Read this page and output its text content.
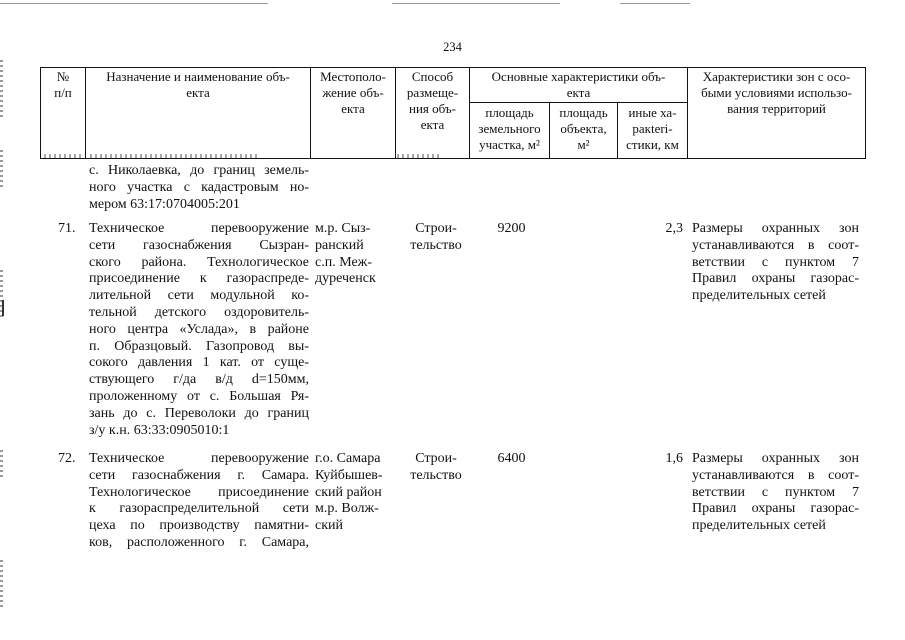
234
№
п/п
Назначение и наименование объ-
екта
Местополо-
жение объ-
екта
Способ
размеще-
ния объ-
екта
Основные характеристики объ-
екта
площадь
земельного
участка, м²
площадь
объекта,
м²
иные ха-
ракteri-
стики, км
Характеристики зон с осо-
быми условиями использо-
вания территорий
с. Николаевка, до границ земель-
ного участка с кадастровым но-
мером 63:17:0704005:201
71. Техническое перевооружение
сети газоснабжения Сызран-
ского района. Технологическое
присоединение к газораспреде-
лительной сети модульной ко-
тельной детского оздоровитель-
ного центра «Услада», в районе
п. Образцовый. Газопровод вы-
сокого давления 1 кат. от суще-
ствующего г/да в/д d=150мм,
проложенному от с. Большая Ря-
зань до с. Переволоки до границ
з/у к.н. 63:33:0905010:1
м.р. Сыз-
ранский
с.п. Меж-
дуреченск
Строи-
тельство
9200	2,3 Размеры охранных зон
устанавливаются в соот-
ветствии с пунктом 7
Правил охраны газорас-
пределительных сетей
72. Техническое перевооружение
сети газоснабжения г. Самара.
Технологическое присоединение
к газораспределительной сети
цеха по производству памятни-
ков, расположенного г. Самара,
г.о. Самара
Куйбышев-
ский район
м.р. Волж-
ский
Строи-
тельство
6400	1,6 Размеры охранных зон
устанавливаются в соот-
ветствии с пунктом 7
Правил охраны газорас-
пределительных сетей
